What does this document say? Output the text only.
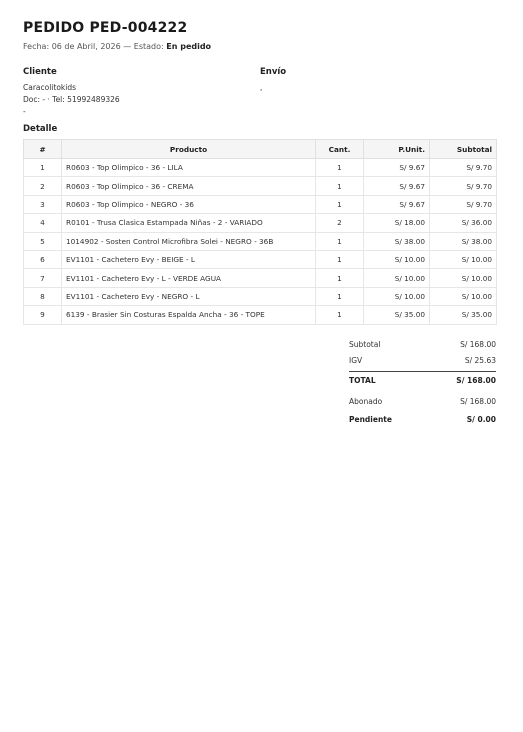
PEDIDO PED-004222
Fecha: 06 de Abril, 2026 — Estado: En pedido
Cliente
Caracolitokids
Doc: - · Tel: 51992489326
-
Envío
,
Detalle
#	Producto	Cant.	P.Unit.	Subtotal
1	R0603 - Top Olimpico - 36 - LILA	1	S/ 9.67	S/ 9.70
2	R0603 - Top Olimpico - 36 - CREMA	1	S/ 9.67	S/ 9.70
3	R0603 - Top Olimpico - NEGRO - 36	1	S/ 9.67	S/ 9.70
4	R0101 - Trusa Clasica Estampada Niñas - 2 - VARIADO	2	S/ 18.00	S/ 36.00
5	1014902 - Sosten Control Microfibra Solei - NEGRO - 36B	1	S/ 38.00	S/ 38.00
6	EV1101 - Cachetero Evy - BEIGE - L	1	S/ 10.00	S/ 10.00
7	EV1101 - Cachetero Evy - L - VERDE AGUA	1	S/ 10.00	S/ 10.00
8	EV1101 - Cachetero Evy - NEGRO - L	1	S/ 10.00	S/ 10.00
9	6139 - Brasier Sin Costuras Espalda Ancha - 36 - TOPE	1	S/ 35.00	S/ 35.00
Subtotal	S/ 168.00
IGV	S/ 25.63
TOTAL	S/ 168.00
Abonado	S/ 168.00
Pendiente	S/ 0.00
